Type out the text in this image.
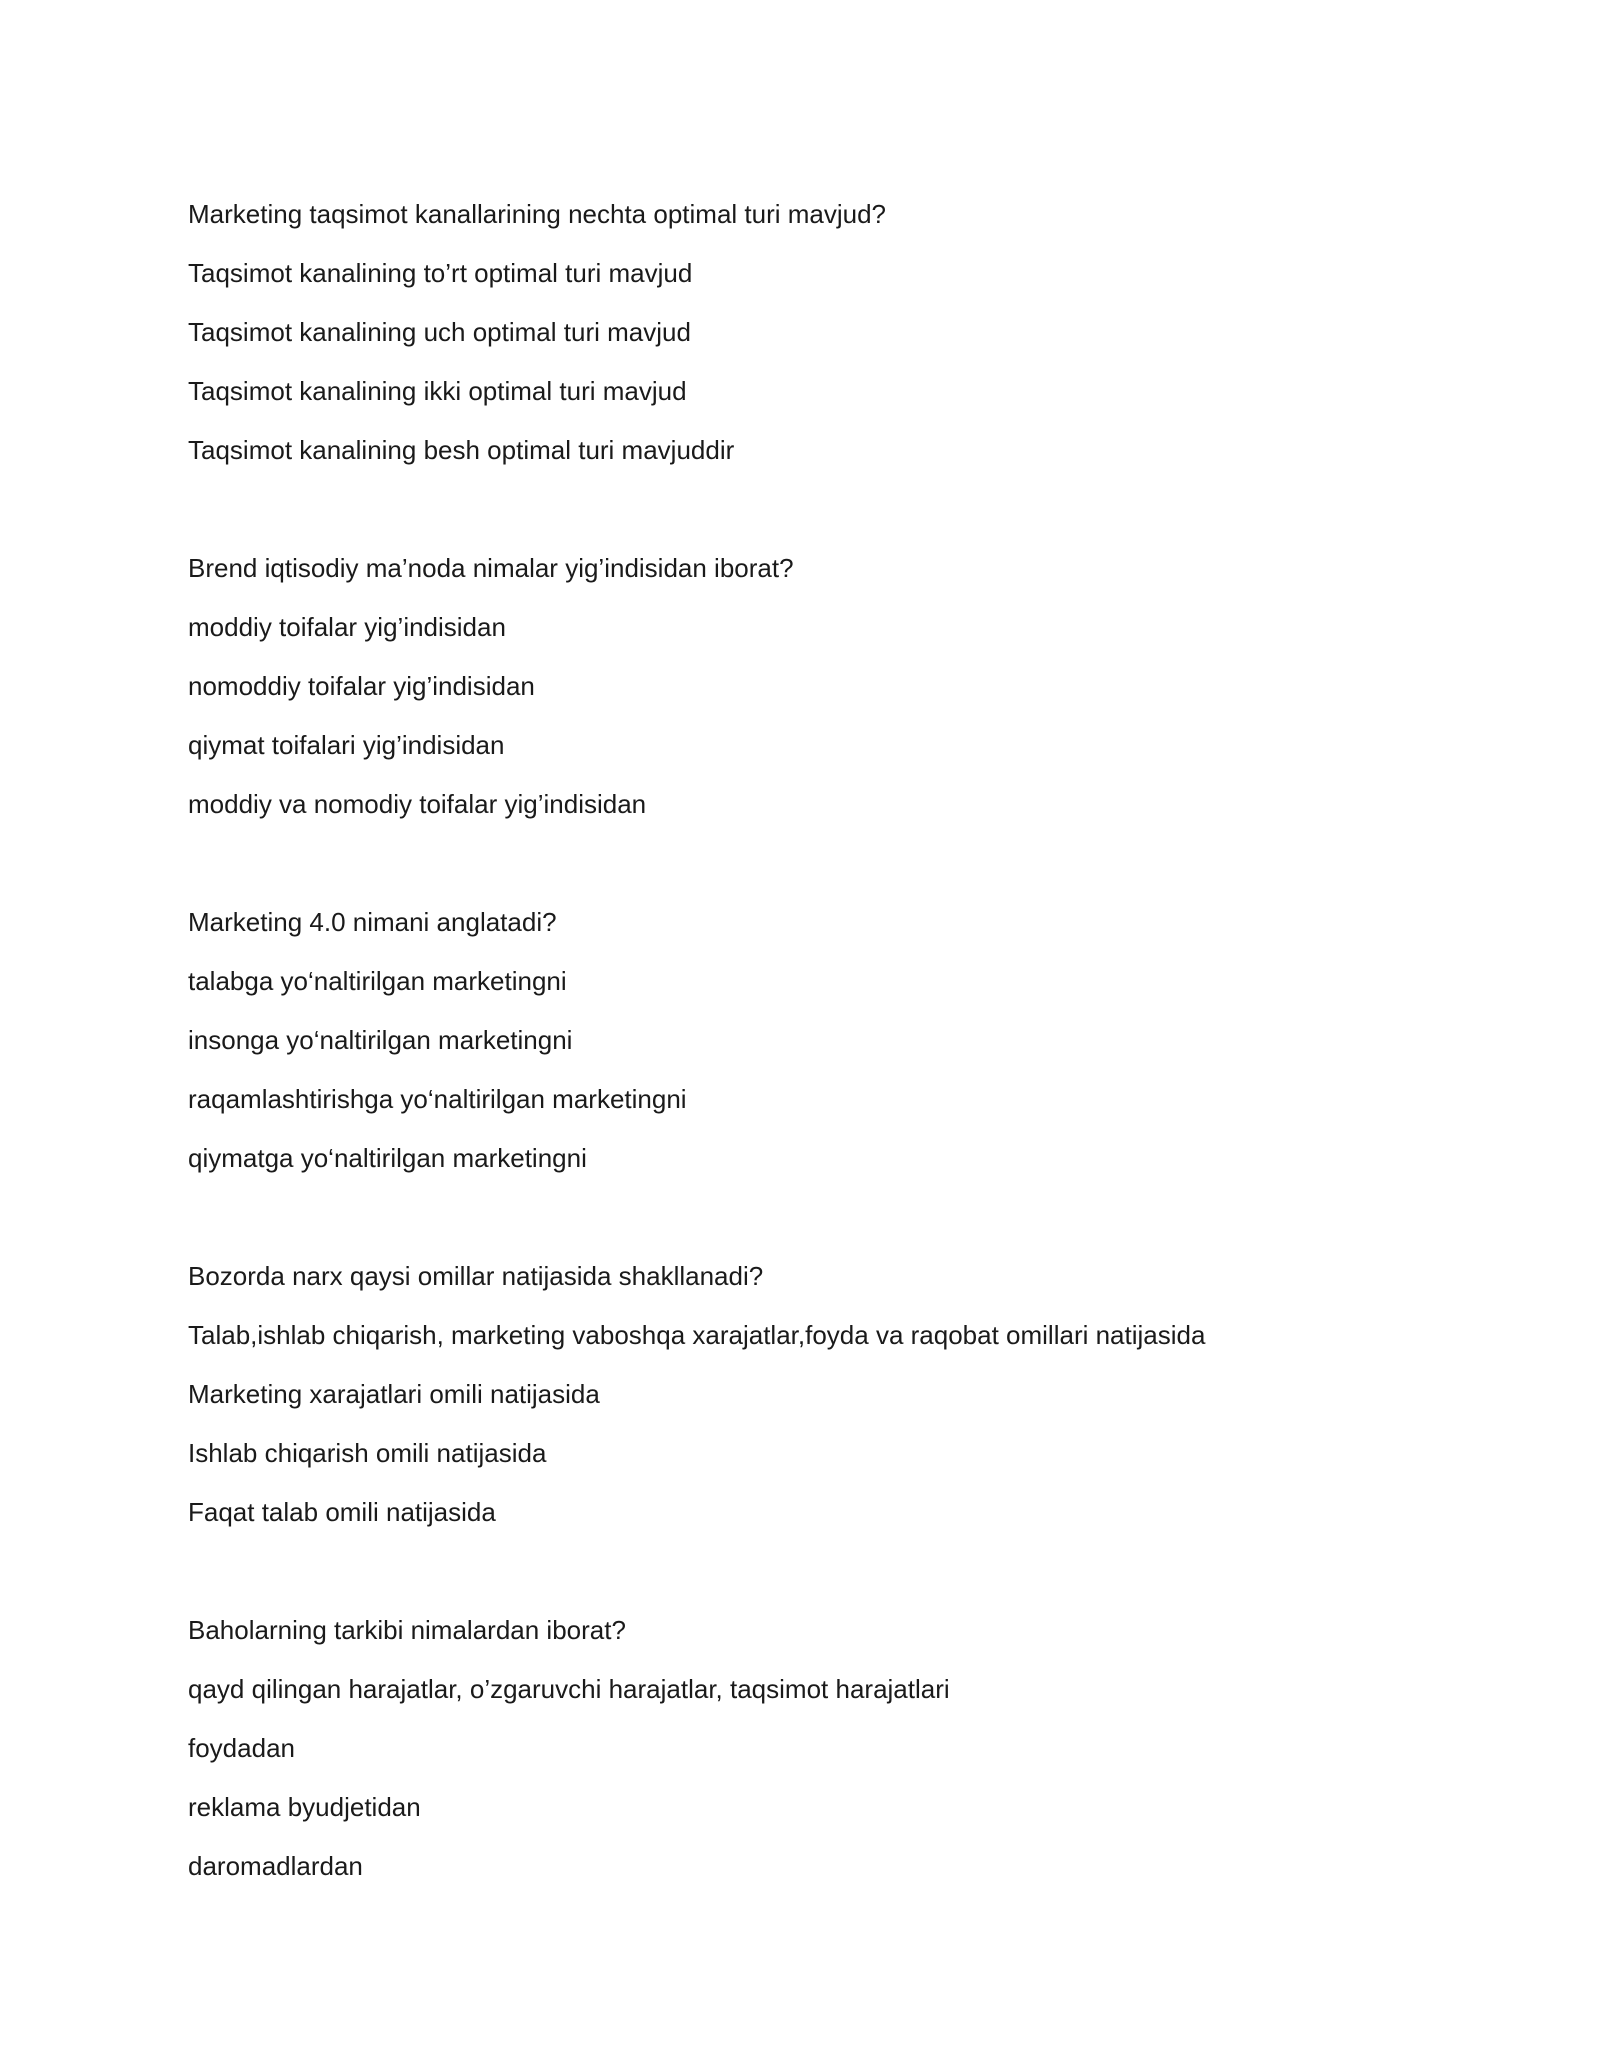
Marketing taqsimot kanallarining nechta optimal turi mavjud?
Taqsimot kanalining to’rt optimal turi mavjud
Taqsimot kanalining uch optimal turi mavjud
Taqsimot kanalining ikki optimal turi mavjud
Taqsimot kanalining besh optimal turi mavjuddir
Brend iqtisodiy ma’noda nimalar yig’indisidan iborat?
moddiy toifalar yig’indisidan
nomoddiy toifalar yig’indisidan
qiymat toifalari yig’indisidan
moddiy va nomodiy toifalar yig’indisidan
Marketing 4.0 nimani anglatadi?
talabga yo‘naltirilgan marketingni
insonga yo‘naltirilgan marketingni
raqamlashtirishga yo‘naltirilgan marketingni
qiymatga yo‘naltirilgan marketingni
Bozorda narx qaysi omillar natijasida shakllanadi?
Talab,ishlab chiqarish, marketing vaboshqa xarajatlar,foyda va raqobat omillari natijasida
Marketing xarajatlari omili natijasida
Ishlab chiqarish omili natijasida
Faqat talab omili natijasida
Baholarning tarkibi nimalardan iborat?
qayd qilingan harajatlar, o’zgaruvchi harajatlar, taqsimot harajatlari
foydadan
reklama byudjetidan
daromadlardan
